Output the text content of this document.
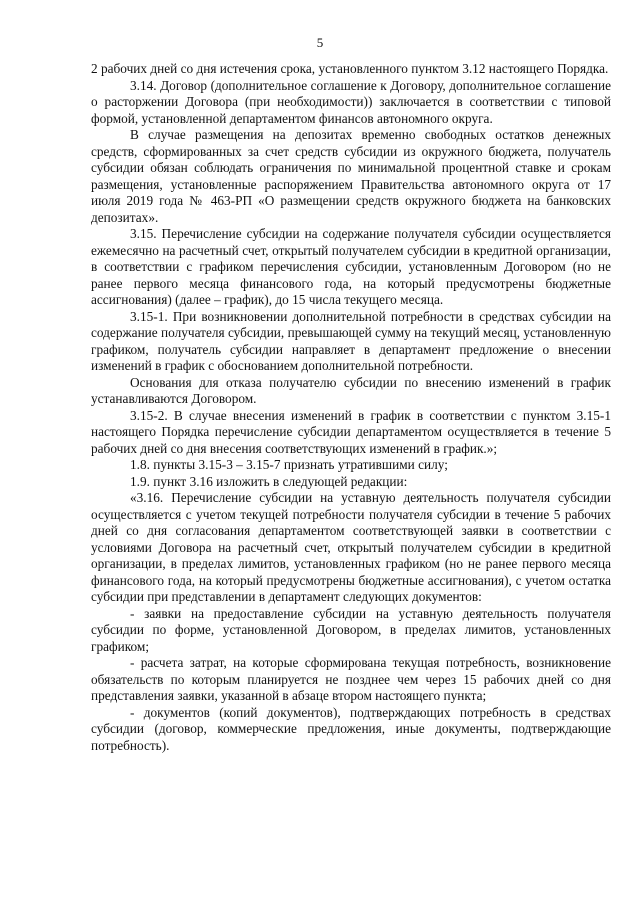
5

2 рабочих дней со дня истечения срока, установленного пунктом 3.12 настоящего Порядка.

3.14. Договор (дополнительное соглашение к Договору, дополнительное соглашение о расторжении Договора (при необходимости)) заключается в соответствии с типовой формой, установленной департаментом финансов автономного округа.

В случае размещения на депозитах временно свободных остатков денежных средств, сформированных за счет средств субсидии из окружного бюджета, получатель субсидии обязан соблюдать ограничения по минимальной процентной ставке и срокам размещения, установленные распоряжением Правительства автономного округа от 17 июля 2019 года № 463-РП «О размещении средств окружного бюджета на банковских депозитах».

3.15. Перечисление субсидии на содержание получателя субсидии осуществляется ежемесячно на расчетный счет, открытый получателем субсидии в кредитной организации, в соответствии с графиком перечисления субсидии, установленным Договором (но не ранее первого месяца финансового года, на который предусмотрены бюджетные ассигнования) (далее – график), до 15 числа текущего месяца.

3.15-1. При возникновении дополнительной потребности в средствах субсидии на содержание получателя субсидии, превышающей сумму на текущий месяц, установленную графиком, получатель субсидии направляет в департамент предложение о внесении изменений в график с обоснованием дополнительной потребности.

Основания для отказа получателю субсидии по внесению изменений в график устанавливаются Договором.

3.15-2. В случае внесения изменений в график в соответствии с пунктом 3.15-1 настоящего Порядка перечисление субсидии департаментом осуществляется в течение 5 рабочих дней со дня внесения соответствующих изменений в график.»;

1.8. пункты 3.15-3 – 3.15-7 признать утратившими силу;

1.9. пункт 3.16 изложить в следующей редакции:

«3.16. Перечисление субсидии на уставную деятельность получателя субсидии осуществляется с учетом текущей потребности получателя субсидии в течение 5 рабочих дней со дня согласования департаментом соответствующей заявки в соответствии с условиями Договора на расчетный счет, открытый получателем субсидии в кредитной организации, в пределах лимитов, установленных графиком (но не ранее первого месяца финансового года, на который предусмотрены бюджетные ассигнования), с учетом остатка субсидии при представлении в департамент следующих документов:

- заявки на предоставление субсидии на уставную деятельность получателя субсидии по форме, установленной Договором, в пределах лимитов, установленных графиком;

- расчета затрат, на которые сформирована текущая потребность, возникновение обязательств по которым планируется не позднее чем через 15 рабочих дней со дня представления заявки, указанной в абзаце втором настоящего пункта;

- документов (копий документов), подтверждающих потребность в средствах субсидии (договор, коммерческие предложения, иные документы, подтверждающие потребность).
